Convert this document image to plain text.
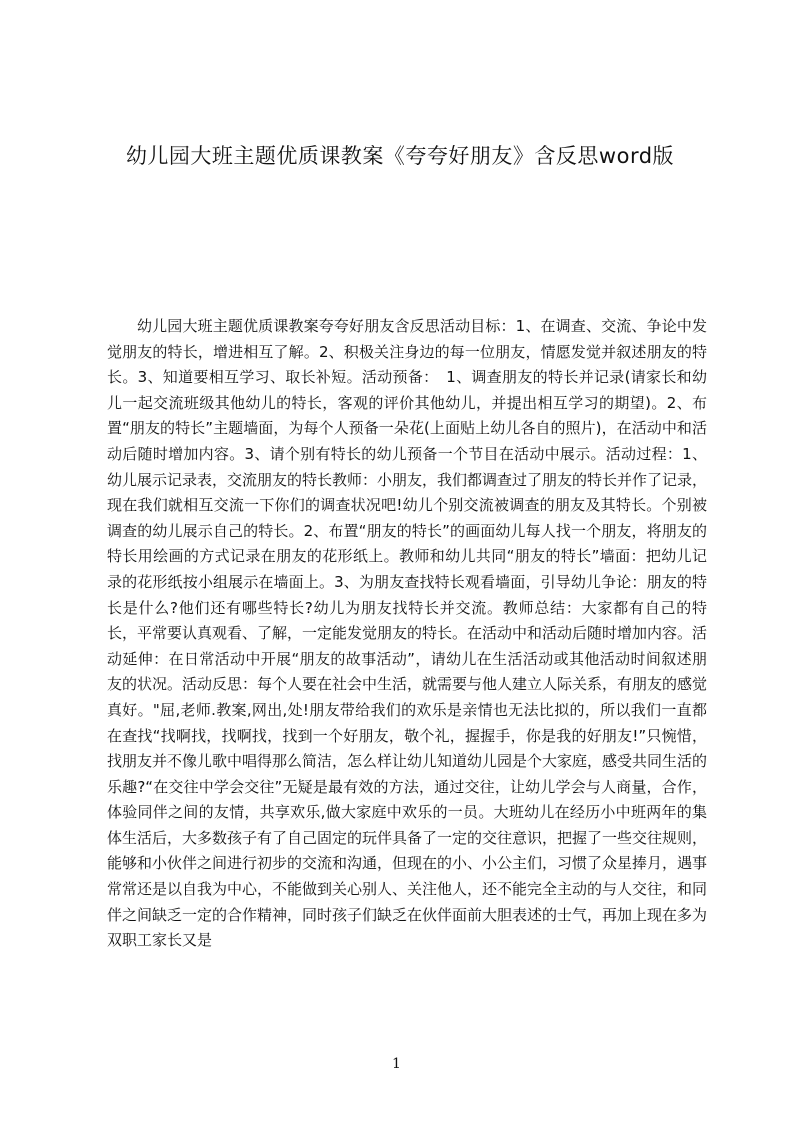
幼儿园大班主题优质课教案《夸夸好朋友》含反思word版

幼儿园大班主题优质课教案夸夸好朋友含反思活动目标：1、在调查、交流、争论中发觉朋友的特长，增进相互了解。2、积极关注身边的每一位朋友，情愿发觉并叙述朋友的特长。3、知道要相互学习、取长补短。活动预备：　1、调查朋友的特长并记录(请家长和幼儿一起交流班级其他幼儿的特长，客观的评价其他幼儿，并提出相互学习的期望)。2、布置“朋友的特长”主题墙面，为每个人预备一朵花(上面贴上幼儿各自的照片)，在活动中和活动后随时增加内容。3、请个别有特长的幼儿预备一个节目在活动中展示。活动过程：1、幼儿展示记录表，交流朋友的特长教师：小朋友，我们都调查过了朋友的特长并作了记录，现在我们就相互交流一下你们的调查状况吧!幼儿个别交流被调查的朋友及其特长。个别被调查的幼儿展示自己的特长。2、布置“朋友的特长”的画面幼儿每人找一个朋友，将朋友的特长用绘画的方式记录在朋友的花形纸上。教师和幼儿共同“朋友的特长”墙面：把幼儿记录的花形纸按小组展示在墙面上。3、为朋友查找特长观看墙面，引导幼儿争论：朋友的特长是什么?他们还有哪些特长?幼儿为朋友找特长并交流。教师总结：大家都有自己的特长，平常要认真观看、了解，一定能发觉朋友的特长。在活动中和活动后随时增加内容。活动延伸：在日常活动中开展“朋友的故事活动”，请幼儿在生活活动或其他活动时间叙述朋友的状况。活动反思：每个人要在社会中生活，就需要与他人建立人际关系，有朋友的感觉真好。"屈,老师.教案,网出,处!朋友带给我们的欢乐是亲情也无法比拟的，所以我们一直都在查找“找啊找，找啊找，找到一个好朋友，敬个礼，握握手，你是我的好朋友!”只惋惜，找朋友并不像儿歌中唱得那么简洁，怎么样让幼儿知道幼儿园是个大家庭，感受共同生活的乐趣?“在交往中学会交往”无疑是最有效的方法，通过交往，让幼儿学会与人商量，合作，体验同伴之间的友情，共享欢乐,做大家庭中欢乐的一员。大班幼儿在经历小中班两年的集体生活后，大多数孩子有了自己固定的玩伴具备了一定的交往意识，把握了一些交往规则，能够和小伙伴之间进行初步的交流和沟通，但现在的小、小公主们，习惯了众星捧月，遇事常常还是以自我为中心，不能做到关心别人、关注他人，还不能完全主动的与人交往，和同伴之间缺乏一定的合作精神，同时孩子们缺乏在伙伴面前大胆表述的士气，再加上现在多为双职工家长又是

1
